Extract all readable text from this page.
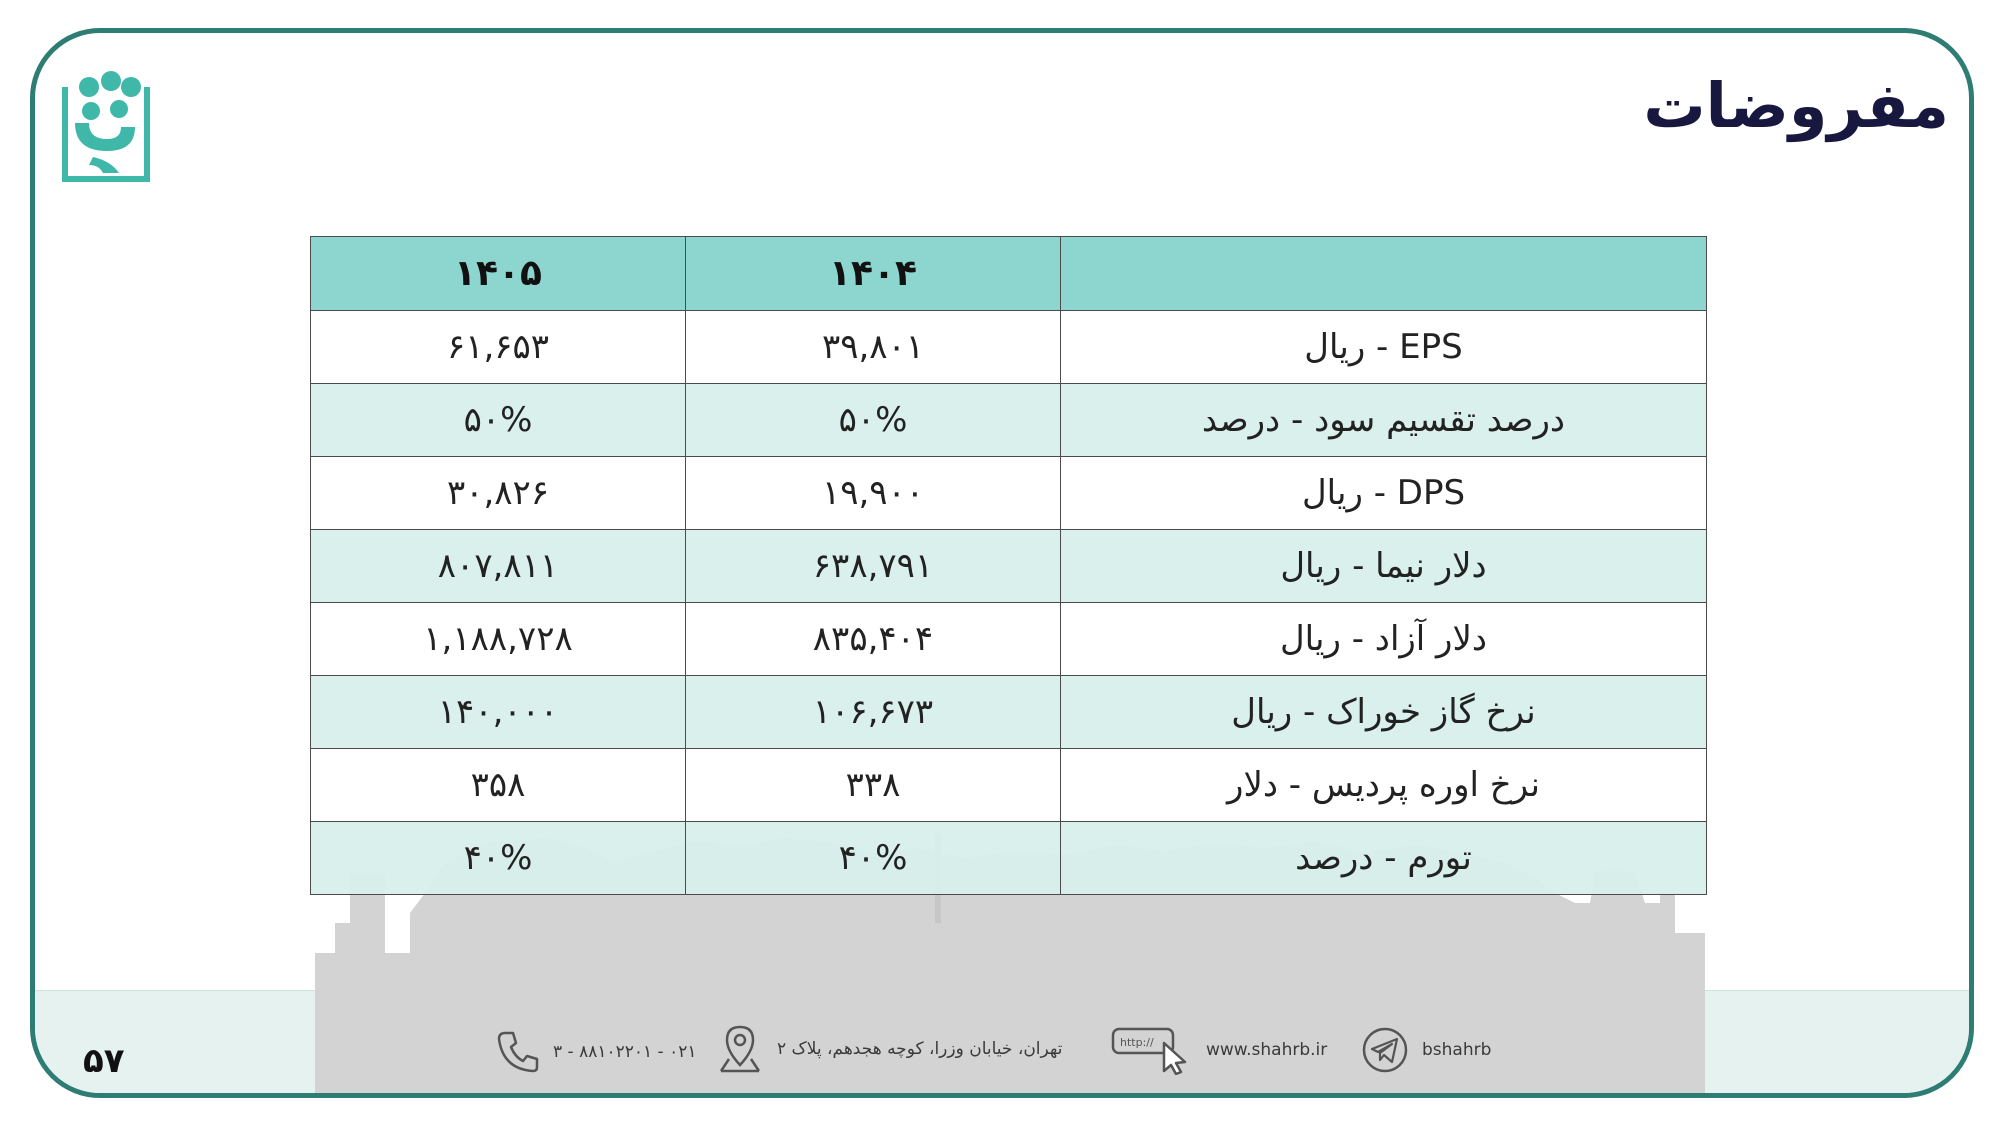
مفروضات
	۱۴۰۴	۱۴۰۵
EPS - ریال	۳۹,۸۰۱	۶۱,۶۵۳
درصد تقسیم سود - درصد	۵۰%	۵۰%
DPS - ریال	۱۹,۹۰۰	۳۰,۸۲۶
دلار نیما - ریال	۶۳۸,۷۹۱	۸۰۷,۸۱۱
دلار آزاد - ریال	۸۳۵,۴۰۴	۱,۱۸۸,۷۲۸
نرخ گاز خوراک - ریال	۱۰۶,۶۷۳	۱۴۰,۰۰۰
نرخ اوره پردیس - دلار	۳۳۸	۳۵۸
تورم - درصد	۴۰%	۴۰%
۵۷	۰۲۱ - ۸۸۱۰۲۲۰۱ - ۳	تهران، خیابان وزرا، کوچه هجدهم، پلاک ۲	http://	www.shahrb.ir	bshahrb
